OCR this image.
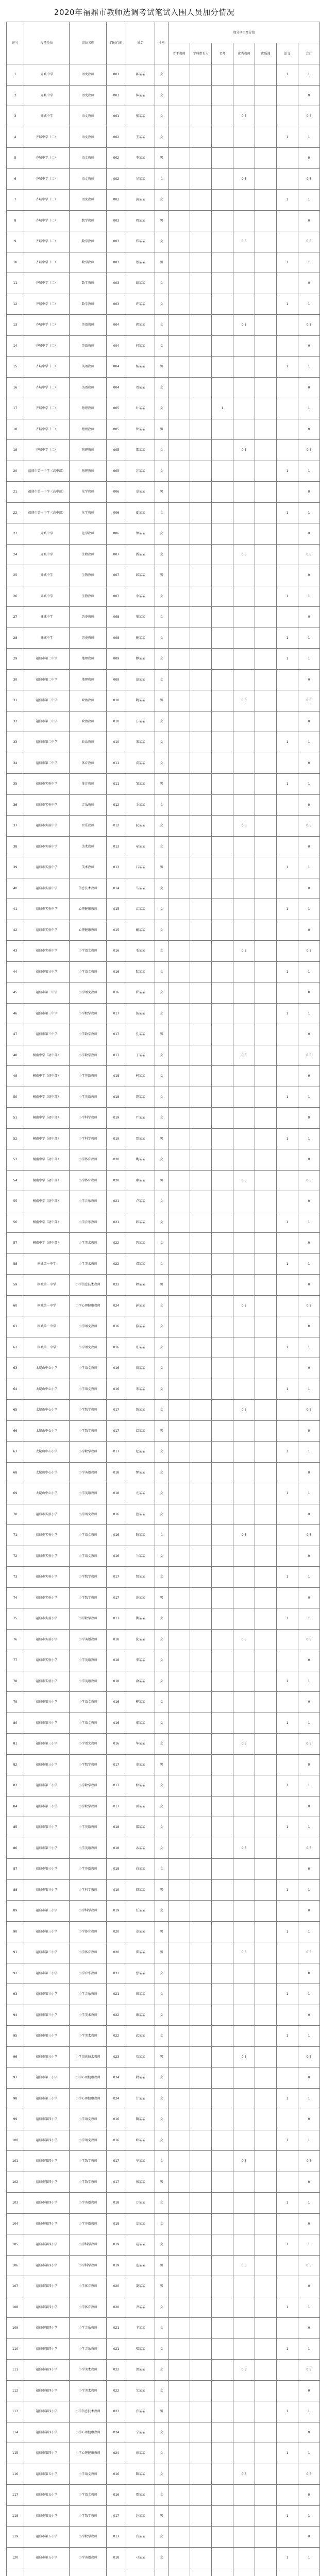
2020年福鼎市教师选调考试笔试入围人员加分情况
序号	报考单位	岗位名称	岗位代码	姓名	性别	加分项目及分值						
						骨干教师	学科带头人	名师	优秀教师	优质课	论文	合计
1	齐城中学	语文教师	001	陈某某	女						1	1
2	齐城中学	语文教师	001	林某某	女							0
3	齐城中学	语文教师	001	张某某	女				0.5			0.5
4	齐城中学（二）	语文教师	002	王某某	女						1	1
5	齐城中学（二）	语文教师	002	李某某	男							0
6	齐城中学（二）	语文教师	002	吴某某	女				0.5			0.5
7	齐城中学（二）	语文教师	002	黄某某	女						1	1
8	齐城中学（二）	数学教师	003	周某某	男							0
9	齐城中学（二）	数学教师	003	郑某某	女				0.5			0.5
10	齐城中学（二）	数学教师	003	蔡某某	男						1	1
11	齐城中学（二）	数学教师	003	谢某某	女							0
12	齐城中学（二）	数学教师	003	许某某	女						1	1
13	齐城中学（二）	英语教师	004	郭某某	女				0.5			0.5
14	齐城中学（二）	英语教师	004	何某某	女							0
15	齐城中学（二）	英语教师	004	杨某某	男						1	1
16	齐城中学（二）	英语教师	004	刘某某	女							0
17	齐城中学（二）	物理教师	005	叶某某	女			1				1
18	齐城中学（二）	物理教师	005	曾某某	男							0
19	齐城中学（二）	物理教师	005	雷某某	女				0.5			0.5
20	福鼎市第一中学（高中部）	物理教师	005	苏某某	女						1	1
21	福鼎市第一中学（高中部）	化学教师	006	卓某某	男							0
22	福鼎市第一中学（高中部）	化学教师	006	夏某某	女						1	1
23	齐城中学	化学教师	006	钟某某	女							0
24	齐城中学	生物教师	007	潘某某	女				0.5			0.5
25	齐城中学	生物教师	007	邱某某	男							0
26	齐城中学	生物教师	007	余某某	女						1	1
27	齐城中学	历史教师	008	董某某	女							0
28	齐城中学	历史教师	008	施某某	女						1	1
29	福鼎市第二中学	地理教师	009	傅某某	女						1	1
30	福鼎市第二中学	地理教师	009	范某某	女							0
31	福鼎市第二中学	政治教师	010	魏某某	男				0.5			0.5
32	福鼎市第二中学	政治教师	010	方某某	女							0
33	福鼎市第二中学	政治教师	010	宋某某	女						1	1
34	福鼎市第二中学	体育教师	011	袁某某	女							0
35	福鼎市实验中学	体育教师	011	邹某某	男						1	1
36	福鼎市实验中学	音乐教师	012	金某某	女							0
37	福鼎市实验中学	音乐教师	012	阮某某	女				0.5			0.5
38	福鼎市实验中学	美术教师	013	章某某	女							0
39	福鼎市实验中学	美术教师	013	石某某	男						1	1
40	福鼎市实验中学	信息技术教师	014	马某某	女							0
41	福鼎市实验中学	心理健康教师	015	江某某	女						1	1
42	福鼎市实验中学	心理健康教师	015	戴某某	女							0
43	福鼎市实验中学	小学语文教师	016	毛某某	女				0.5			0.5
44	福鼎市第三中学	小学语文教师	016	陆某某	女						1	1
45	福鼎市第三中学	小学语文教师	016	罗某某	女							0
46	福鼎市第三中学	小学数学教师	017	汤某某	女						1	1
47	福鼎市第三中学	小学数学教师	017	孔某某	男							0
48	桐南中学（初中部）	小学数学教师	017	丁某某	女				0.5			0.5
49	桐南中学（初中部）	小学英语教师	018	柯某某	女							0
50	桐南中学（初中部）	小学英语教师	018	龚某某	女						1	1
51	桐南中学（初中部）	小学科学教师	019	严某某	女							0
52	桐南中学（初中部）	小学科学教师	019	贾某某	男						1	1
53	桐南中学（初中部）	小学体育教师	020	姚某某	女							0
54	桐南中学（初中部）	小学体育教师	020	廖某某	男				0.5			0.5
55	桐南中学（初中部）	小学音乐教师	021	卢某某	女							0
56	桐南中学（初中部）	小学音乐教师	021	韩某某	女						1	1
57	桐南中学（初中部）	小学美术教师	022	冯某某	女							0
58	桐城第一中学	小学美术教师	022	邓某某	女						1	1
59	桐城第一中学	小学信息技术教师	023	程某某	男							0
60	桐城第一中学	小学心理健康教师	024	彭某某	女				0.5			0.5
61	桐城第一中学	小学语文教师	016	游某某	女							0
62	桐城第一中学	小学语文教师	016	庄某某	女						1	1
63	太姥山中心小学	小学语文教师	016	翁某某	女							0
64	太姥山中心小学	小学语文教师	016	朱某某	女						1	1
65	太姥山中心小学	小学数学教师	017	詹某某	女				0.5			0.5
66	太姥山中心小学	小学数学教师	017	温某某	男							0
67	太姥山中心小学	小学数学教师	017	危某某	女						1	1
68	太姥山中心小学	小学英语教师	018	缪某某	女							0
69	太姥山中心小学	小学英语教师	018	尤某某	女						1	1
70	福鼎市实验小学	小学语文教师	016	蓝某某	女							0
71	福鼎市实验小学	小学语文教师	016	钱某某	女				0.5			0.5
72	福鼎市实验小学	小学语文教师	016	兰某某	女							0
73	福鼎市实验小学	小学数学教师	017	包某某	女						1	1
74	福鼎市实验小学	小学数学教师	017	池某某	男							0
75	福鼎市实验小学	小学数学教师	017	洪某某	女						1	1
76	福鼎市实验小学	小学英语教师	018	沈某某	女				0.5			0.5
77	福鼎市实验小学	小学英语教师	018	季某某	女							0
78	福鼎市实验小学	小学英语教师	018	俞某某	女						1	1
79	福鼎市第三小学	小学语文教师	016	柳某某	女							0
80	福鼎市第三小学	小学语文教师	016	秦某某	女						1	1
81	福鼎市第三小学	小学语文教师	016	华某某	女				0.5			0.5
82	福鼎市第三小学	小学数学教师	017	史某某	男							0
83	福鼎市第三小学	小学数学教师	017	薛某某	女						1	1
84	福鼎市第三小学	小学数学教师	017	雷某某	女							0
85	福鼎市第三小学	小学英语教师	018	邵某某	女						1	1
86	福鼎市第三小学	小学英语教师	018	孟某某	女				0.5			0.5
87	福鼎市第三小学	小学英语教师	018	白某某	女							0
88	福鼎市第三小学	小学科学教师	019	段某某	男						1	1
89	福鼎市第三小学	小学科学教师	019	任某某	女							0
90	福鼎市第三小学	小学体育教师	020	姜某某	男						1	1
91	福鼎市第三小学	小学体育教师	020	崔某某	男				0.5			0.5
92	福鼎市第三小学	小学音乐教师	021	曹某某	女							0
93	福鼎市第三小学	小学音乐教师	021	田某某	女						1	1
94	福鼎市第三小学	小学美术教师	022	康某某	女							0
95	福鼎市第三小学	小学美术教师	022	武某某	女						1	1
96	福鼎市第三小学	小学信息技术教师	023	易某某	男				0.5			0.5
97	福鼎市第三小学	小学心理健康教师	024	殷某某	女							0
98	福鼎市第三小学	小学心理健康教师	024	甘某某	女						1	1
99	福鼎市第四小学	小学语文教师	016	陶某某	女							0
100	福鼎市第四小学	小学语文教师	016	欧某某	女						1	1
101	福鼎市第四小学	小学数学教师	017	车某某	女				0.5			0.5
102	福鼎市第四小学	小学数学教师	017	伍某某	男							0
103	福鼎市第四小学	小学英语教师	018	万某某	女						1	1
104	福鼎市第四小学	小学英语教师	018	龙某某	女							0
105	福鼎市第四小学	小学科学教师	019	聂某某	女						1	1
106	福鼎市第四小学	小学科学教师	019	连某某	男				0.5			0.5
107	福鼎市第四小学	小学体育教师	020	凌某某	男							0
108	福鼎市第四小学	小学体育教师	020	尹某某	女						1	1
109	福鼎市第四小学	小学音乐教师	021	卞某某	女							0
110	福鼎市第四小学	小学音乐教师	021	邬某某	女						1	1
111	福鼎市第四小学	小学美术教师	022	贺某某	女				0.5			0.5
112	福鼎市第四小学	小学美术教师	022	艾某某	女							0
113	福鼎市第四小学	小学信息技术教师	023	乔某某	男						1	1
114	福鼎市第四小学	小学心理健康教师	024	宁某某	女							0
115	福鼎市第四小学	小学心理健康教师	024	房某某	女						1	1
116	福鼎市第五小学	小学语文教师	016	靳某某	女				0.5			0.5
117	福鼎市第五小学	小学语文教师	016	霍某某	女							0
118	福鼎市第五小学	小学数学教师	017	边某某	男						1	1
119	福鼎市第五小学	小学数学教师	017	宫某某	女							0
120	福鼎市第五小学	小学英语教师	018	刁某某	女						1	1
